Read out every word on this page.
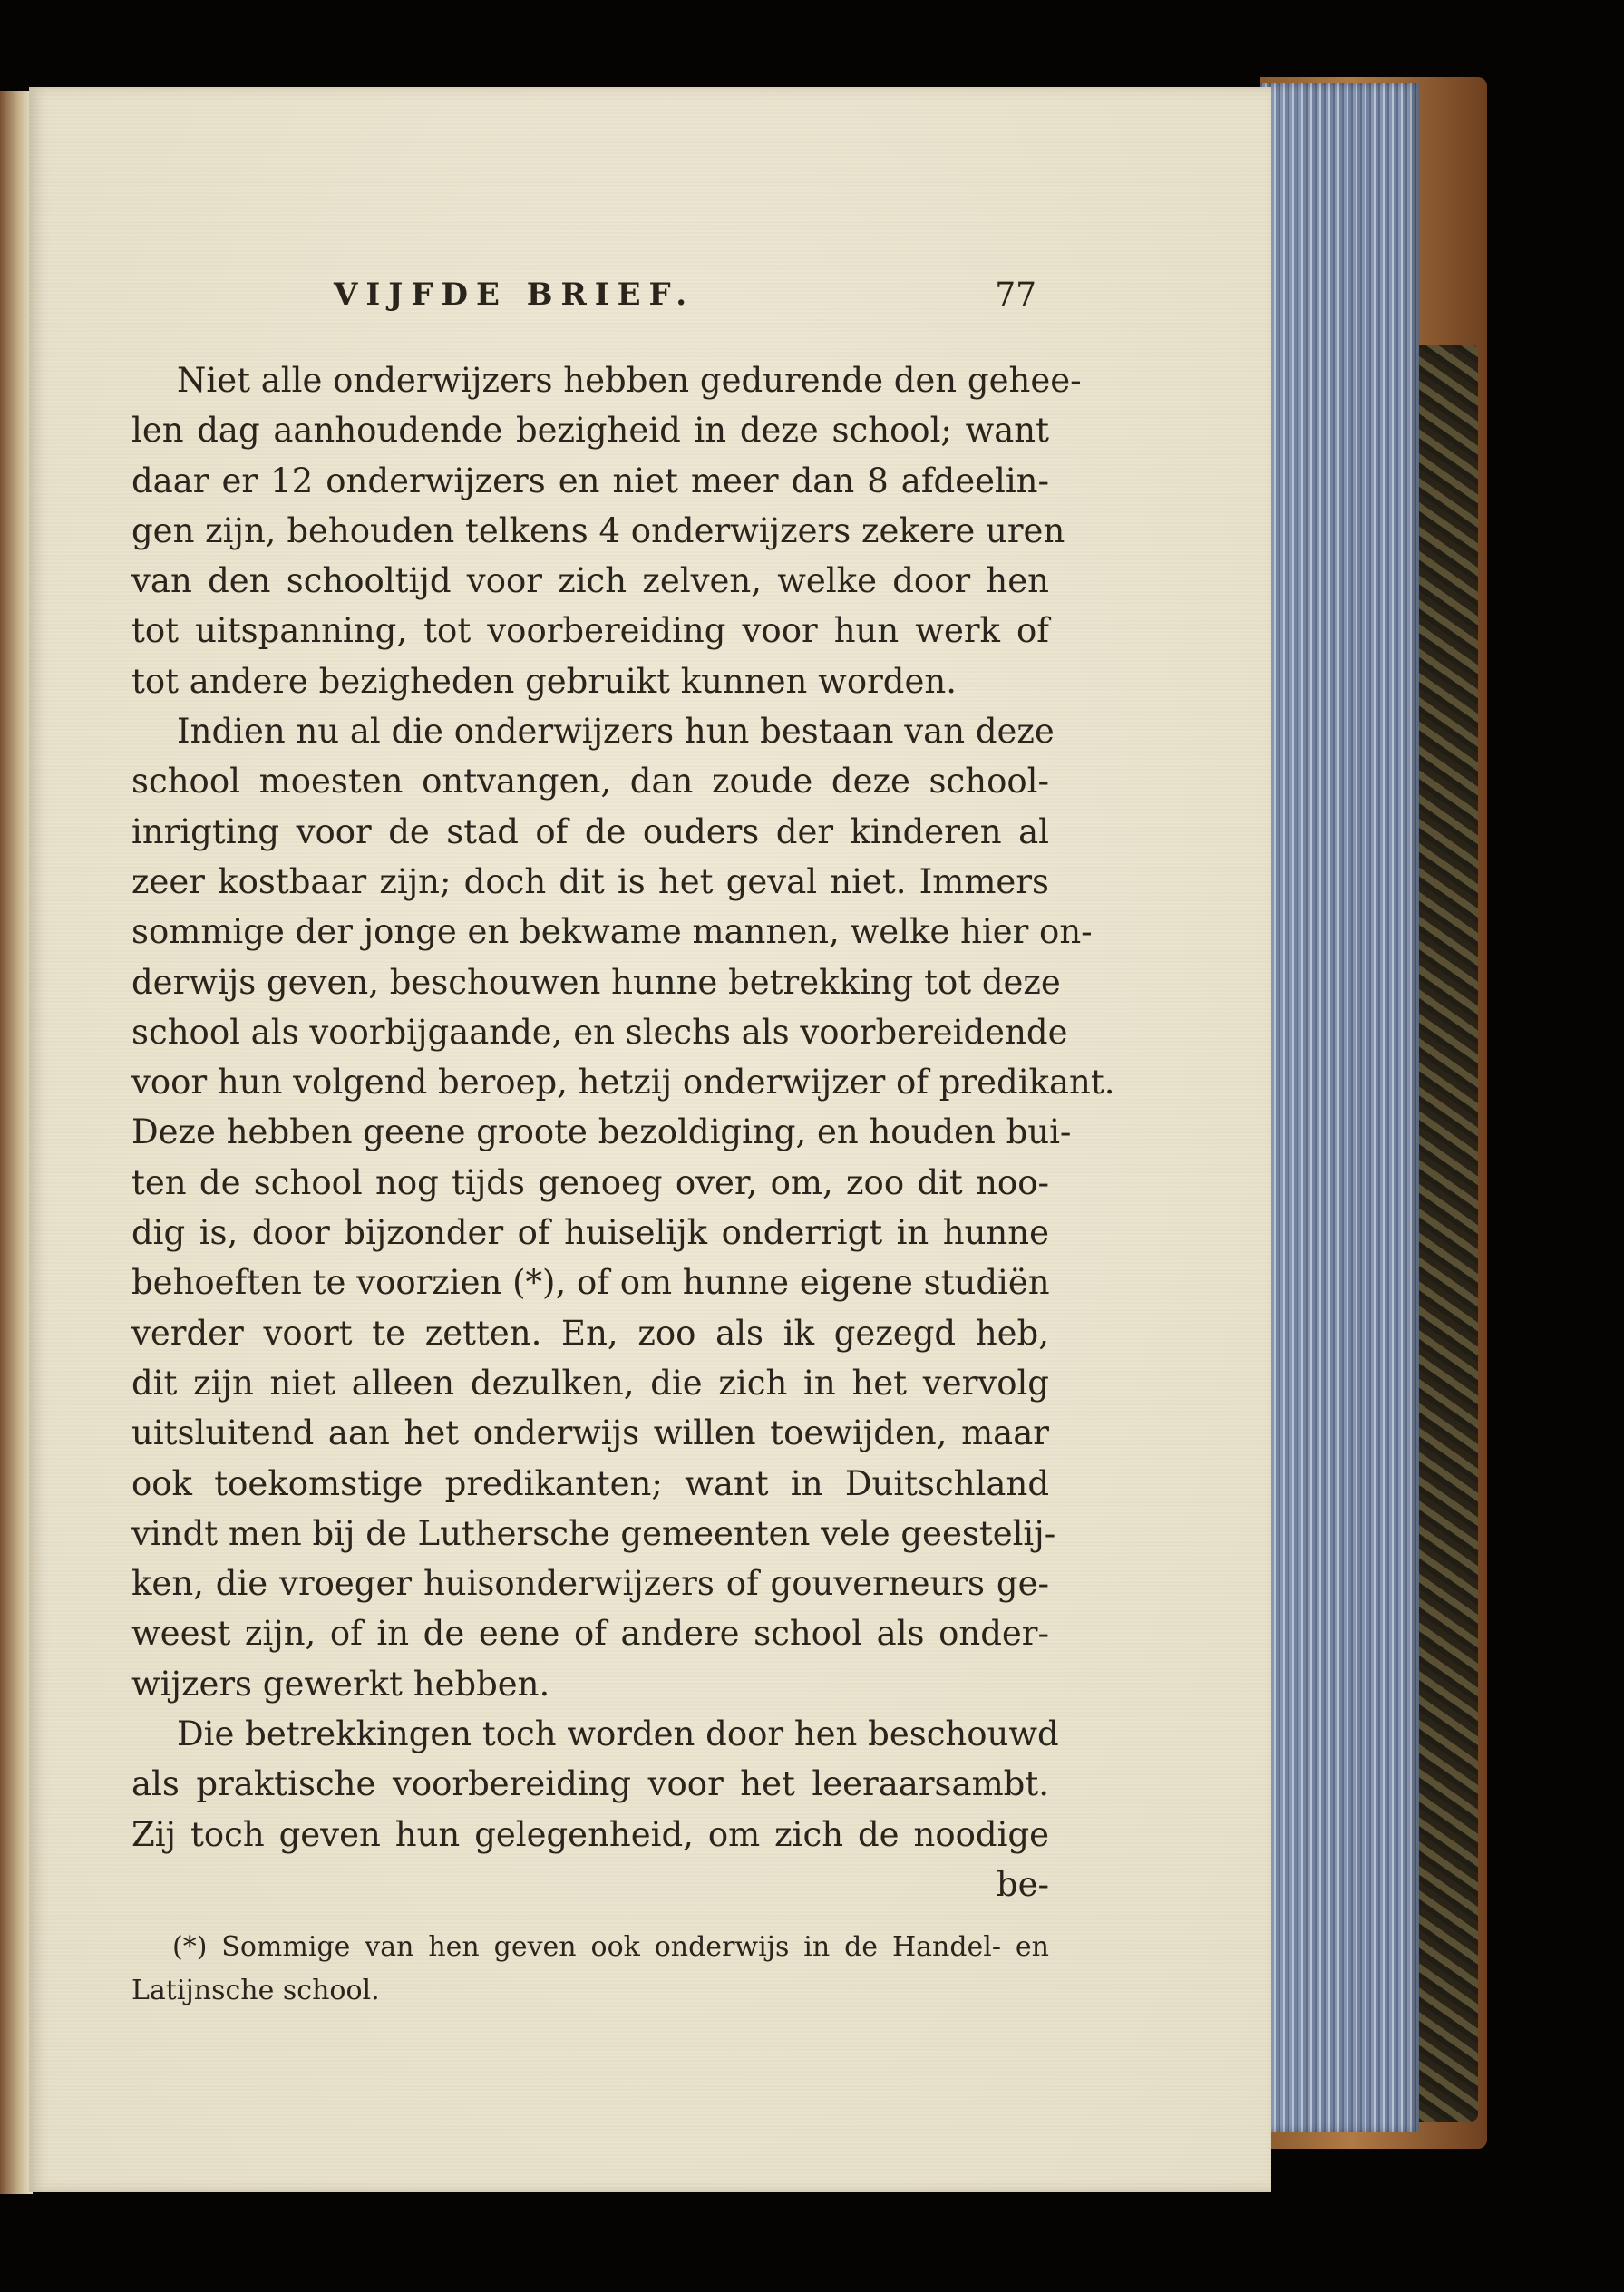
VIJFDE BRIEF.	77
Niet alle onderwijzers hebben gedurende den gehee-
len dag aanhoudende bezigheid in deze school; want
daar er 12 onderwijzers en niet meer dan 8 afdeelin-
gen zijn, behouden telkens 4 onderwijzers zekere uren
van den schooltijd voor zich zelven, welke door hen
tot uitspanning, tot voorbereiding voor hun werk of
tot andere bezigheden gebruikt kunnen worden.
Indien nu al die onderwijzers hun bestaan van deze
school moesten ontvangen, dan zoude deze school-
inrigting voor de stad of de ouders der kinderen al
zeer kostbaar zijn; doch dit is het geval niet. Immers
sommige der jonge en bekwame mannen, welke hier on-
derwijs geven, beschouwen hunne betrekking tot deze
school als voorbijgaande, en slechs als voorbereidende
voor hun volgend beroep, hetzij onderwijzer of predikant.
Deze hebben geene groote bezoldiging, en houden bui-
ten de school nog tijds genoeg over, om, zoo dit noo-
dig is, door bijzonder of huiselijk onderrigt in hunne
behoeften te voorzien (*), of om hunne eigene studiën
verder voort te zetten. En, zoo als ik gezegd heb,
dit zijn niet alleen dezulken, die zich in het vervolg
uitsluitend aan het onderwijs willen toewijden, maar
ook toekomstige predikanten; want in Duitschland
vindt men bij de Luthersche gemeenten vele geestelij-
ken, die vroeger huisonderwijzers of gouverneurs ge-
weest zijn, of in de eene of andere school als onder-
wijzers gewerkt hebben.
Die betrekkingen toch worden door hen beschouwd
als praktische voorbereiding voor het leeraarsambt.
Zij toch geven hun gelegenheid, om zich de noodige
be-
(*) Sommige van hen geven ook onderwijs in de Handel- en
Latijnsche school.
